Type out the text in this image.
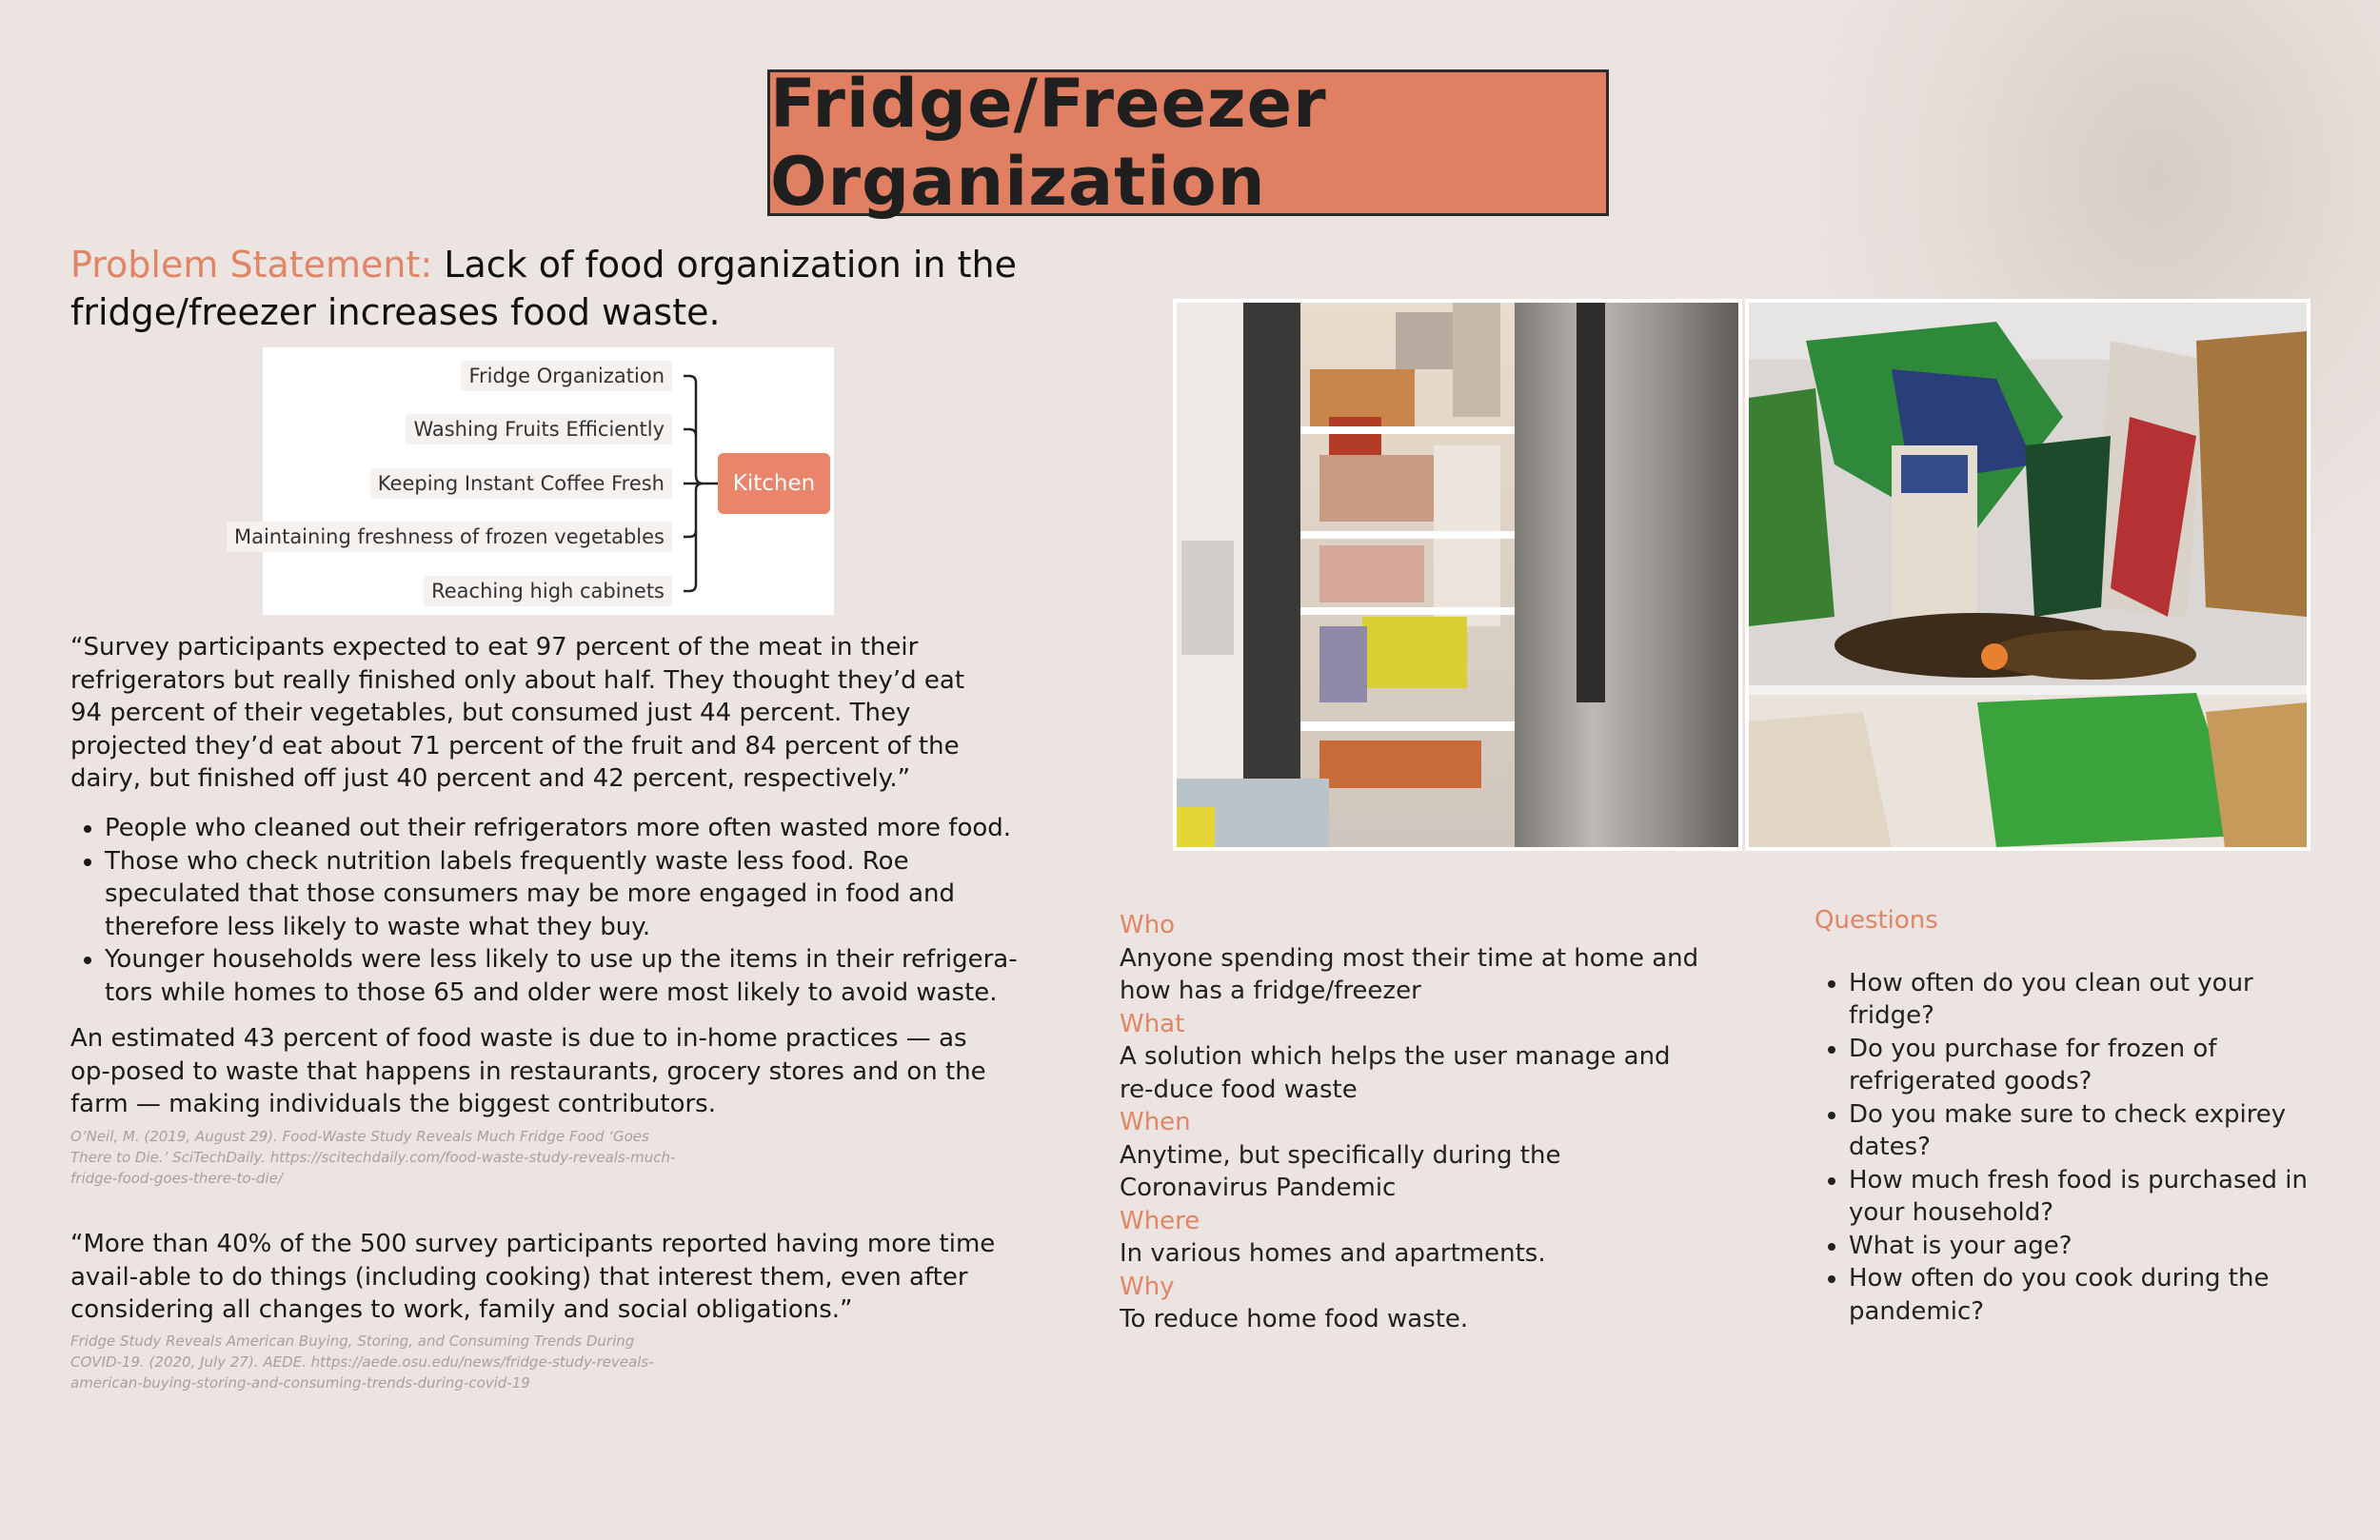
Fridge/Freezer Organization
Problem Statement: Lack of food organization in the fridge/freezer increases food waste.
Fridge Organization
Washing Fruits Efficiently
Keeping Instant Coffee Fresh
Maintaining freshness of frozen vegetables
Reaching high cabinets
Kitchen
“Survey participants expected to eat 97 percent of the meat in their refrigerators but really finished only about half. They thought they’d eat 94 percent of their vegetables, but consumed just 44 percent. They projected they’d eat about 71 percent of the fruit and 84 percent of the dairy, but finished off just 40 percent and 42 percent, respectively.”
• People who cleaned out their refrigerators more often wasted more food.
• Those who check nutrition labels frequently waste less food. Roe speculated that those consumers may be more engaged in food and therefore less likely to waste what they buy.
• Younger households were less likely to use up the items in their refrigera-tors while homes to those 65 and older were most likely to avoid waste.
An estimated 43 percent of food waste is due to in-home practices — as op-posed to waste that happens in restaurants, grocery stores and on the farm — making individuals the biggest contributors.
O’Neil, M. (2019, August 29). Food-Waste Study Reveals Much Fridge Food ‘Goes There to Die.’ SciTechDaily. https://scitechdaily.com/food-waste-study-reveals-much-fridge-food-goes-there-to-die/
“More than 40% of the 500 survey participants reported having more time avail-able to do things (including cooking) that interest them, even after considering all changes to work, family and social obligations.”
Fridge Study Reveals American Buying, Storing, and Consuming Trends During COVID-19. (2020, July 27). AEDE. https://aede.osu.edu/news/fridge-study-reveals-american-buying-storing-and-consuming-trends-during-covid-19
Who
Anyone spending most their time at home and how has a fridge/freezer
What
A solution which helps the user manage and re-duce food waste
When
Anytime, but specifically during the Coronavirus Pandemic
Where
In various homes and apartments.
Why
To reduce home food waste.
Questions
• How often do you clean out your fridge?
• Do you purchase for frozen of refrigerated goods?
• Do you make sure to check expirey dates?
• How much fresh food is purchased in your household?
• What is your age?
• How often do you cook during the pandemic?
